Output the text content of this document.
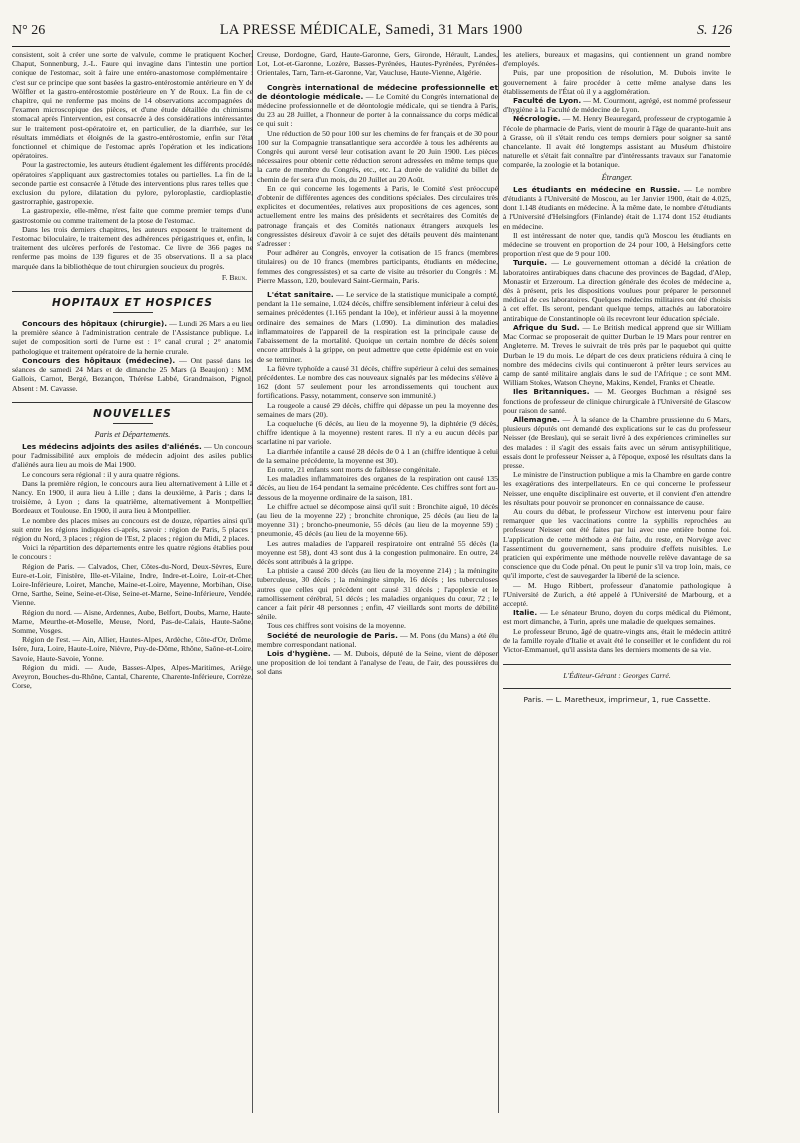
N° 26	LA PRESSE MÉDICALE, Samedi, 31 Mars 1900	S. 126

consistent, soit à créer une sorte de valvule, comme le pratiquent Kocher, Chaput, Sonnenburg, J.-L. Faure qui invagine dans l'intestin une portion conique de l'estomac, soit à faire une entéro-anastomose complémentaire : c'est sur ce principe que sont basées la gastro-entérostomie antérieure en Y de Wölfler et la gastro-entérostomie postérieure en Y de Roux. La fin de ce chapitre, qui ne renferme pas moins de 14 observations accompagnées de l'examen microscopique des pièces, et d'une étude détaillée du chimisme stomacal après l'intervention, est consacrée à des considérations intéressantes sur le traitement post-opératoire et, en particulier, de la diarrhée, sur les résultats immédiats et éloignés de la gastro-entérostomie, enfin sur l'état fonctionnel et chimique de l'estomac après l'opération et les indications opératoires.

Pour la gastrectomie, les auteurs étudient également les différents procédés opératoires s'appliquant aux gastrectomies totales ou partielles. La fin de la seconde partie est consacrée à l'étude des interventions plus rares telles que : exclusion du pylore, dilatation du pylore, pyloroplastie, cardioplastie, gastrorraphie, gastropexie.

La gastropexie, elle-même, n'est faite que comme premier temps d'une gastrostomie ou comme traitement de la ptose de l'estomac.

Dans les trois derniers chapitres, les auteurs exposent le traitement de l'estomac biloculaire, le traitement des adhérences périgastriques et, enfin, le traitement des ulcères perforés de l'estomac. Ce livre de 366 pages ne renferme pas moins de 139 figures et de 35 observations. Il a sa place marquée dans la bibliothèque de tout chirurgien soucieux du progrès.

F. Brun.
HOPITAUX ET HOSPICES

Concours des hôpitaux (chirurgie). — Lundi 26 Mars a eu lieu la première séance à l'administration centrale de l'Assistance publique. Le sujet de composition sorti de l'urne est : 1° canal crural ; 2° anatomie pathologique et traitement opératoire de la hernie crurale.

Concours des hôpitaux (médecine). — Ont passé dans les séances de samedi 24 Mars et de dimanche 25 Mars (à Beaujon) : MM. Gallois, Carnot, Bergé, Bezançon, Thérèse Labbé, Grandmaison, Pignol, Absent : M. Cavasse.

NOUVELLES
Paris et Départements.

Les médecins adjoints des asiles d'aliénés. — Un concours pour l'admissibilité aux emplois de médecin adjoint des asiles publics d'aliénés aura lieu au mois de Mai 1900.

Le concours sera régional : il y aura quatre régions.

Dans la première région, le concours aura lieu alternativement à Lille et à Nancy. En 1900, il aura lieu à Lille ; dans la deuxième, à Paris ; dans la troisième, à Lyon ; dans la quatrième, alternativement à Montpellier, Bordeaux et Toulouse. En 1900, il aura lieu à Montpellier.

Le nombre des places mises au concours est de douze, réparties ainsi qu'il suit entre les régions indiquées ci-après, savoir : région de Paris, 5 places ; région du Nord, 3 places ; région de l'Est, 2 places ; région du Midi, 2 places.

Voici la répartition des départements entre les quatre régions établies pour le concours :

Région de Paris. — Calvados, Cher, Côtes-du-Nord, Deux-Sèvres, Eure, Eure-et-Loir, Finistère, Ille-et-Vilaine, Indre, Indre-et-Loire, Loir-et-Cher, Loire-Inférieure, Loiret, Manche, Maine-et-Loire, Mayenne, Morbihan, Oise, Orne, Sarthe, Seine, Seine-et-Oise, Seine-et-Marne, Seine-Inférieure, Vendée, Vienne.

Région du nord. — Aisne, Ardennes, Aube, Belfort, Doubs, Marne, Haute-Marne, Meurthe-et-Moselle, Meuse, Nord, Pas-de-Calais, Haute-Saône, Somme, Vosges.

Région de l'est. — Ain, Allier, Hautes-Alpes, Ardèche, Côte-d'Or, Drôme, Isère, Jura, Loire, Haute-Loire, Nièvre, Puy-de-Dôme, Rhône, Saône-et-Loire, Savoie, Haute-Savoie, Yonne.

Région du midi. — Aude, Basses-Alpes, Alpes-Maritimes, Ariège, Aveyron, Bouches-du-Rhône, Cantal, Charente, Charente-Inférieure, Corrèze, Corse,

Creuse, Dordogne, Gard, Haute-Garonne, Gers, Gironde, Hérault, Landes, Lot, Lot-et-Garonne, Lozère, Basses-Pyrénées, Hautes-Pyrénées, Pyrénées-Orientales, Tarn, Tarn-et-Garonne, Var, Vaucluse, Haute-Vienne, Algérie.

Congrès international de médecine professionnelle et de déontologie médicale. — Le Comité du Congrès international de médecine professionnelle et de déontologie médicale, qui se tiendra à Paris, du 23 au 28 Juillet, a l'honneur de porter à la connaissance du corps médical ce qui suit :

Une réduction de 50 pour 100 sur les chemins de fer français et de 30 pour 100 sur la Compagnie transatlantique sera accordée à tous les adhérents au Congrès qui auront versé leur cotisation avant le 20 Juin 1900. Les pièces nécessaires pour obtenir cette réduction seront adressées en même temps que la carte de membre du Congrès, etc., etc. La durée de validité du billet de chemin de fer sera d'un mois, du 20 Juillet au 20 Août.

En ce qui concerne les logements à Paris, le Comité s'est préoccupé d'obtenir de différentes agences des conditions spéciales. Des circulaires très explicites et documentées, relatives aux propositions de ces agences, sont actuellement entre les mains des présidents et secrétaires des Comités de patronage français et des Comités nationaux étrangers auxquels les congressistes désireux d'avoir à ce sujet des détails peuvent dès maintenant s'adresser :

Pour adhérer au Congrès, envoyer la cotisation de 15 francs (membres titulaires) ou de 10 francs (membres participants, étudiants en médecine, femmes des congressistes) et sa carte de visite au trésorier du Congrès : M. Pierre Masson, 120, boulevard Saint-Germain, Paris.

L'état sanitaire. — Le service de la statistique municipale a compté, pendant la 11e semaine, 1.024 décès, chiffre sensiblement inférieur à celui des semaines précédentes (1.165 pendant la 10e), et inférieur aussi à la moyenne ordinaire des semaines de Mars (1.090). La diminution des maladies inflammatoires de l'appareil de la respiration est la principale cause de l'abaissement de la mortalité. Quoique un certain nombre de décès soient encore attribués à la grippe, on peut admettre que cette épidémie est en voie de se terminer.

La fièvre typhoïde a causé 31 décès, chiffre supérieur à celui des semaines précédentes. Le nombre des cas nouveaux signalés par les médecins s'élève à 162 (dont 57 seulement pour les arrondissements qui touchent aux fortifications. Passy, notamment, conserve son immunité.)

La rougeole a causé 29 décès, chiffre qui dépasse un peu la moyenne des semaines de mars (20).

La coqueluche (6 décès, au lieu de la moyenne 9), la diphtérie (9 décès, chiffre identique à la moyenne) restent rares. Il n'y a eu aucun décès par scarlatine ni par variole.

La diarrhée infantile a causé 28 décès de 0 à 1 an (chiffre identique à celui de la semaine précédente, la moyenne est 30).

En outre, 21 enfants sont morts de faiblesse congénitale.

Les maladies inflammatoires des organes de la respiration ont causé 135 décès, au lieu de 164 pendant la semaine précédente. Ces chiffres sont fort au-dessous de la moyenne ordinaire de la saison, 181.

Le chiffre actuel se décompose ainsi qu'il suit : Bronchite aiguë, 10 décès (au lieu de la moyenne 22) ; bronchite chronique, 25 décès (au lieu de la moyenne 31) ; broncho-pneumonie, 55 décès (au lieu de la moyenne 59) ; pneumonie, 45 décès (au lieu de la moyenne 66).

Les autres maladies de l'appareil respiratoire ont entraîné 55 décès (la moyenne est 58), dont 43 sont dus à la congestion pulmonaire. En outre, 24 décès sont attribués à la grippe.

La phtisie a causé 200 décès (au lieu de la moyenne 214) ; la méningite tuberculeuse, 30 décès ; la méningite simple, 16 décès ; les tuberculoses autres que celles qui précèdent ont causé 31 décès ; l'apoplexie et le ramollissement cérébral, 51 décès ; les maladies organiques du cœur, 72 ; le cancer a fait périr 48 personnes ; enfin, 47 vieillards sont morts de débilité sénile.

Tous ces chiffres sont voisins de la moyenne.

Société de neurologie de Paris. — M. Pons (du Mans) a été élu membre correspondant national.

Lois d'hygiène. — M. Dubois, député de la Seine, vient de déposer une proposition de loi tendant à l'analyse de l'eau, de l'air, des poussières du sol dans

les ateliers, bureaux et magasins, qui contiennent un grand nombre d'employés.

Puis, par une proposition de résolution, M. Dubois invite le gouvernement à faire procéder à cette même analyse dans les établissements de l'État où il y a agglomération.

Faculté de Lyon. — M. Courmont, agrégé, est nommé professeur d'hygiène à la Faculté de médecine de Lyon.

Nécrologie. — M. Henry Beauregard, professeur de cryptogamie à l'école de pharmacie de Paris, vient de mourir à l'âge de quarante-huit ans à Grasse, où il s'était rendu ces temps derniers pour soigner sa santé chancelante. Il avait été longtemps assistant au Muséum d'histoire naturelle et s'était fait connaître par d'intéressants travaux sur l'anatomie comparée, la zoologie et la botanique.

Étranger.

Les étudiants en médecine en Russie. — Le nombre d'étudiants à l'Université de Moscou, au 1er Janvier 1900, était de 4.025, dont 1.148 étudiants en médecine. À la même date, le nombre d'étudiants à l'Université d'Helsingfors (Finlande) était de 1.174 dont 152 étudiants en médecine.

Il est intéressant de noter que, tandis qu'à Moscou les étudiants en médecine se trouvent en proportion de 24 pour 100, à Helsingfors cette proportion n'est que de 9 pour 100.

Turquie. — Le gouvernement ottoman a décidé la création de laboratoires antirabiques dans chacune des provinces de Bagdad, d'Alep, Monastir et Erzeroum. La direction générale des écoles de médecine a, dès à présent, pris les dispositions voulues pour préparer le personnel médical de ces laboratoires. Quelques médecins militaires ont été choisis à cet effet. Ils seront, pendant quelque temps, attachés au laboratoire antirabique de Constantinople où ils recevront leur éducation spéciale.

Afrique du Sud. — Le British medical apprend que sir William Mac Cormac se proposerait de quitter Durban le 19 Mars pour rentrer en Angleterre. M. Treves le suivrait de très près par le paquebot qui quitte Durban le 19 du mois. Le départ de ces deux praticiens réduira à cinq le nombre des médecins civils qui continueront à prêter leurs services au camp de santé militaire anglais dans le sud de l'Afrique ; ce sont MM. William Stokes, Watson Cheyne, Makins, Kendel, Franks et Cheatle.

Iles Britanniques. — M. Georges Buchman a résigné ses fonctions de professeur de clinique chirurgicale à l'Université de Glascow pour raison de santé.

Allemagne. — À la séance de la Chambre prussienne du 6 Mars, plusieurs députés ont demandé des explications sur le cas du professeur Neisser (de Breslau), qui se serait livré à des expériences criminelles sur des malades : il s'agit des essais faits avec un sérum antisyphilitique, essais dont le professeur Neisser a, à l'époque, exposé les résultats dans la presse.

Le ministre de l'instruction publique a mis la Chambre en garde contre les exagérations des interpellateurs. En ce qui concerne le professeur Neisser, une enquête disciplinaire est ouverte, et il convient d'en attendre les résultats pour pouvoir se prononcer en connaissance de cause.

Au cours du débat, le professeur Virchow est intervenu pour faire remarquer que les vaccinations contre la syphilis reprochées au professeur Neisser ont été faites par lui avec une entière bonne foi. L'application de cette méthode a été faite, du reste, en Norvège avec l'assentiment du gouvernement, sans produire d'effets nuisibles. Le praticien qui expérimente une méthode nouvelle relève davantage de sa conscience que du Code pénal. On peut le punir s'il va trop loin, mais, ce qu'il importe, c'est de sauvegarder la liberté de la science.

— M. Hugo Ribbert, professeur d'anatomie pathologique à l'Université de Zurich, a été appelé à l'Université de Marbourg, et a accepté.

Italie. — Le sénateur Bruno, doyen du corps médical du Piémont, est mort dimanche, à Turin, après une maladie de quelques semaines.

Le professeur Bruno, âgé de quatre-vingts ans, était le médecin attitré de la famille royale d'Italie et avait été le conseiller et le confident du roi Victor-Emmanuel, qu'il assista dans les derniers moments de sa vie.

L'Éditeur-Gérant : Georges Carré.
Paris. — L. Maretheux, imprimeur, 1, rue Cassette.
